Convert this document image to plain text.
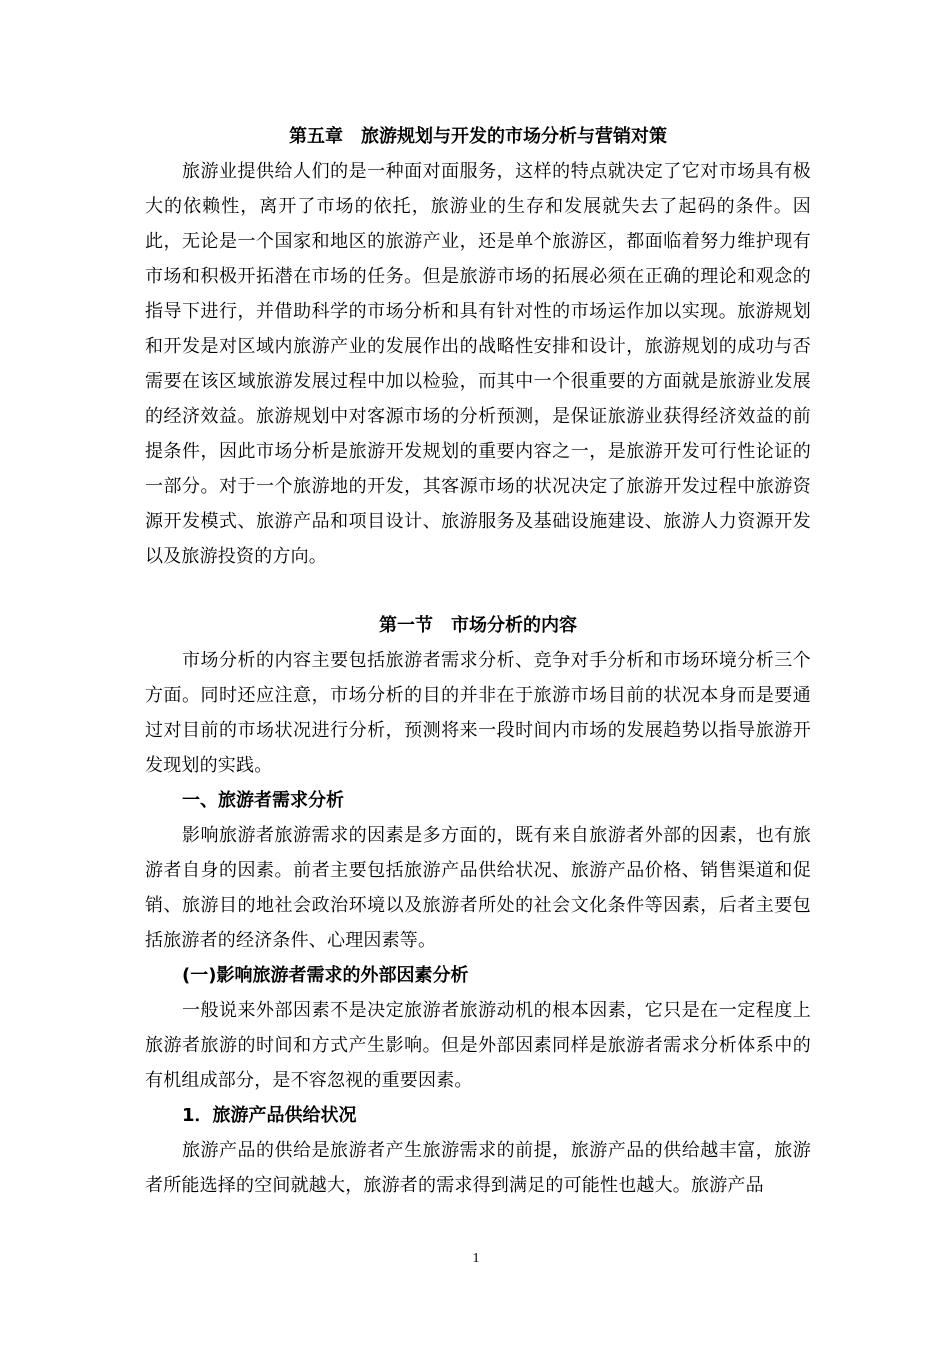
第五章　旅游规划与开发的市场分析与营销对策

旅游业提供给人们的是一种面对面服务，这样的特点就决定了它对市场具有极大的依赖性，离开了市场的依托，旅游业的生存和发展就失去了起码的条件。因此，无论是一个国家和地区的旅游产业，还是单个旅游区，都面临着努力维护现有市场和积极开拓潜在市场的任务。但是旅游市场的拓展必须在正确的理论和观念的指导下进行，并借助科学的市场分析和具有针对性的市场运作加以实现。旅游规划和开发是对区域内旅游产业的发展作出的战略性安排和设计，旅游规划的成功与否需要在该区域旅游发展过程中加以检验，而其中一个很重要的方面就是旅游业发展的经济效益。旅游规划中对客源市场的分析预测，是保证旅游业获得经济效益的前提条件，因此市场分析是旅游开发规划的重要内容之一，是旅游开发可行性论证的一部分。对于一个旅游地的开发，其客源市场的状况决定了旅游开发过程中旅游资源开发模式、旅游产品和项目设计、旅游服务及基础设施建设、旅游人力资源开发以及旅游投资的方向。

第一节　市场分析的内容

市场分析的内容主要包括旅游者需求分析、竞争对手分析和市场环境分析三个方面。同时还应注意，市场分析的目的并非在于旅游市场目前的状况本身而是要通过对目前的市场状况进行分析，预测将来一段时间内市场的发展趋势以指导旅游开发现划的实践。

一、旅游者需求分析

影响旅游者旅游需求的因素是多方面的，既有来自旅游者外部的因素，也有旅游者自身的因素。前者主要包括旅游产品供给状况、旅游产品价格、销售渠道和促销、旅游目的地社会政治环境以及旅游者所处的社会文化条件等因素，后者主要包括旅游者的经济条件、心理因素等。

(一)影响旅游者需求的外部因素分析

一般说来外部因素不是决定旅游者旅游动机的根本因素，它只是在一定程度上旅游者旅游的时间和方式产生影响。但是外部因素同样是旅游者需求分析体系中的有机组成部分，是不容忽视的重要因素。

1．旅游产品供给状况

旅游产品的供给是旅游者产生旅游需求的前提，旅游产品的供给越丰富，旅游者所能选择的空间就越大，旅游者的需求得到满足的可能性也越大。旅游产品

1
